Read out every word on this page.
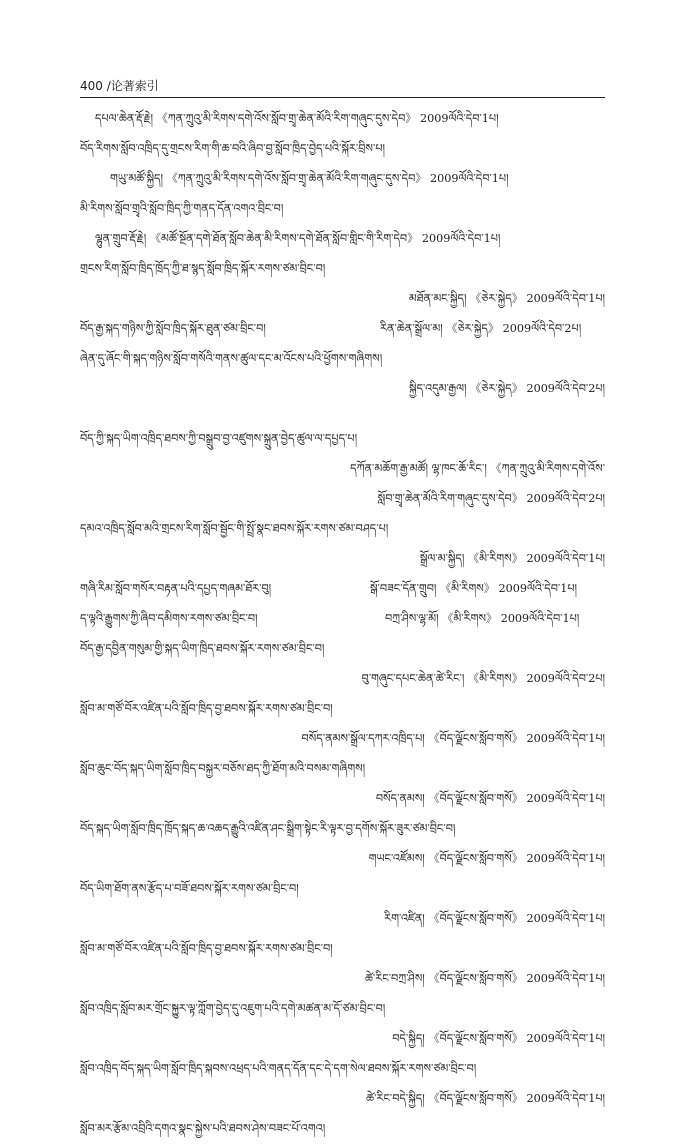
400 /论著索引
དཔལ་ཆེན་རྡོ་རྗེ། 《ཀན་ཀྲུའུ་མི་རིགས་དགེ་འོས་སློབ་གྲྭ་ཆེན་མོའི་རིག་གཞུང་དུས་དེབ》 2009ལོའི་དེབ་1པ།
བོད་རིགས་སློབ་འཁྲིད་དུ་གྲངས་རིག་གི་ཆ་བའི་ཞིབ་བྱ་སློབ་ཁྲིད་བྱེད་པའི་སྐོར་བྲིས་པ།
གཡུ་མཚོ་སྐྱིད། 《ཀན་ཀྲུའུ་མི་རིགས་དགེ་འོས་སློབ་གྲྭ་ཆེན་མོའི་རིག་གཞུང་དུས་དེབ》 2009ལོའི་དེབ་1པ།
མི་རིགས་སློབ་གྲྭའི་སློབ་ཁྲིད་ཀྱི་གནད་དོན་འགའ་བྲིང་བ།
ལྷུན་གྲུབ་རྡོ་རྗེ། 《མཚོ་སྔོན་དགེ་ཐོན་སློབ་ཆེན་མི་རིགས་དགེ་ཐོན་སློབ་གླིང་གི་རིག་དེབ》 2009ལོའི་དེབ་1པ།
གྲངས་རིག་སློབ་ཁྲིད་ཁྲོད་ཀྱི་ཐ་སྙད་སློབ་ཁྲིད་སྐོར་རགས་ཙམ་བྲིང་བ།
མཐོན་མང་སྐྱིད། 《ཅེར་སྐྱེད》 2009ལོའི་དེབ་1པ།
བོད་རྒྱ་སྐད་གཉིས་ཀྱི་སློབ་ཁྲིད་སྐོར་ཐུན་ཙམ་བྲིང་བ།	རིན་ཆེན་སྒྲོལ་མ། 《ཅེར་སྐྱེད》 2009ལོའི་དེབ་2པ།
ཞེན་དུ་ཞོང་གི་སྐད་གཉིས་སློབ་གསོའི་གནས་ཚུལ་དང་མ་འོངས་པའི་ཕྱོགས་གཞིགས།
སྐྱིད་འདུམ་རྒྱལ། 《ཅེར་སྐྱེད》 2009ལོའི་དེབ་2པ།
བོད་ཀྱི་སྐད་ཡིག་འཁྲིད་ཐབས་ཀྱི་བསྒྲུབ་བྱ་འཛུགས་སྐྲུན་བྱེད་ཚུལ་ལ་དཔྱད་པ།
དཀོན་མཆོག་རྒྱ་མཚོ། ལྷ་ཁང་ཆོ་རིང་། 《ཀན་ཀྲུའུ་མི་རིགས་དགེ་འོས་
སློབ་གྲྭ་ཆེན་མོའི་རིག་གཞུང་དུས་དེབ》 2009ལོའི་དེབ་2པ།
དམའ་འཁྲིད་སློབ་མའི་གྲངས་རིག་སློབ་སྦྱོང་གི་སྤྲོ་སྣང་ཐབས་སྐོར་རགས་ཙམ་བཤད་པ།
སྒྲོལ་མ་སྐྱིད། 《མི་རིགས》 2009ལོའི་དེབ་1པ།
གཞི་རིམ་སློབ་གསོར་བརྟན་པའི་དཔྱད་གཞམ་ཐོར་བུ།	སྒོ་བཟང་དོན་གྲུབ། 《མི་རིགས》 2009ལོའི་དེབ་1པ།
ད་ལྟའི་རྒྱུགས་ཀྱི་ཞིབ་དམིགས་རགས་ཙམ་བྲིང་བ།	བཀྲ་ཤིས་ལྷ་མོ། 《མི་རིགས》 2009ལོའི་དེབ་1པ།
བོད་རྒྱ་དབྱིན་གསུམ་གྱི་སྐད་ཡིག་ཁྲིད་ཐབས་སྐོར་རགས་ཙམ་བྲིང་བ།
བུ་གཞུང་དཔང་ཆེན་ཚེ་རིང་། 《མི་རིགས》 2009ལོའི་དེབ་2པ།
སློབ་མ་གཙོ་བོར་འཛིན་པའི་སློབ་ཁྲིད་བྱ་ཐབས་སྐོར་རགས་ཙམ་བྲིང་བ།
བསོད་ནམས་སྒྲོལ་དཀར་འཁྲིད་པ། 《བོད་ལྗོངས་སློབ་གསོ》 2009ལོའི་དེབ་1པ།
སློབ་ཆུང་བོད་སྐད་ཡིག་སློབ་ཁྲིད་བསྐྱར་བཅོས་ཐད་ཀྱི་ཐོག་མའི་བསམ་གཞིགས།
བསོད་ནམས། 《བོད་ལྗོངས་སློབ་གསོ》 2009ལོའི་དེབ་1པ།
བོད་སྐད་ཡིག་སློབ་ཁྲིད་ཁྲོད་སྐད་ཆ་འཆད་རྒྱུའི་འཛིན་ཤང་སྒྲིག་སྟེང་རི་ལྟར་བྱ་དགོས་སྐོར་ཟུར་ཙམ་བྲིང་བ།
གཡང་འཛོམས། 《བོད་ལྗོངས་སློབ་གསོ》 2009ལོའི་དེབ་1པ།
བོད་ཡིག་ཐོག་ནས་རྩོད་པ་བཟོ་ཐབས་སྐོར་རགས་ཙམ་བྲིང་བ།
རིག་འཛིན། 《བོད་ལྗོངས་སློབ་གསོ》 2009ལོའི་དེབ་1པ།
སློབ་མ་གཙོ་བོར་འཛིན་པའི་སློབ་ཁྲིད་བྱ་ཐབས་སྐོར་རགས་ཙམ་བྲིང་བ།
ཚེ་རིང་བཀྲ་ཤིས། 《བོད་ལྗོངས་སློབ་གསོ》 2009ལོའི་དེབ་1པ།
སློབ་འཁྲིད་སློབ་མར་གྲོང་སྐྱུར་ལྟ་ཀློག་བྱེད་དུ་འཇུག་པའི་དགེ་མཚན་མ་དོ་ཙམ་བྲིང་བ།
བདེ་སྐྱིད། 《བོད་ལྗོངས་སློབ་གསོ》 2009ལོའི་དེབ་1པ།
སློབ་འཁྲིད་བོད་སྐད་ཡིག་སློབ་ཁྲིད་སྐབས་འཕྲད་པའི་གནད་དོན་དང་དེ་དག་སེལ་ཐབས་སྐོར་རགས་ཙམ་བྲིང་བ།
ཚེ་རིང་བདེ་སྐྱིད། 《བོད་ལྗོངས་སློབ་གསོ》 2009ལོའི་དེབ་1པ།
སློབ་མར་རྩོམ་འབྲིའི་དགའ་སྣང་སྐྱེས་པའི་ཐབས་ཤེས་བཟང་པོ་འགའ།
